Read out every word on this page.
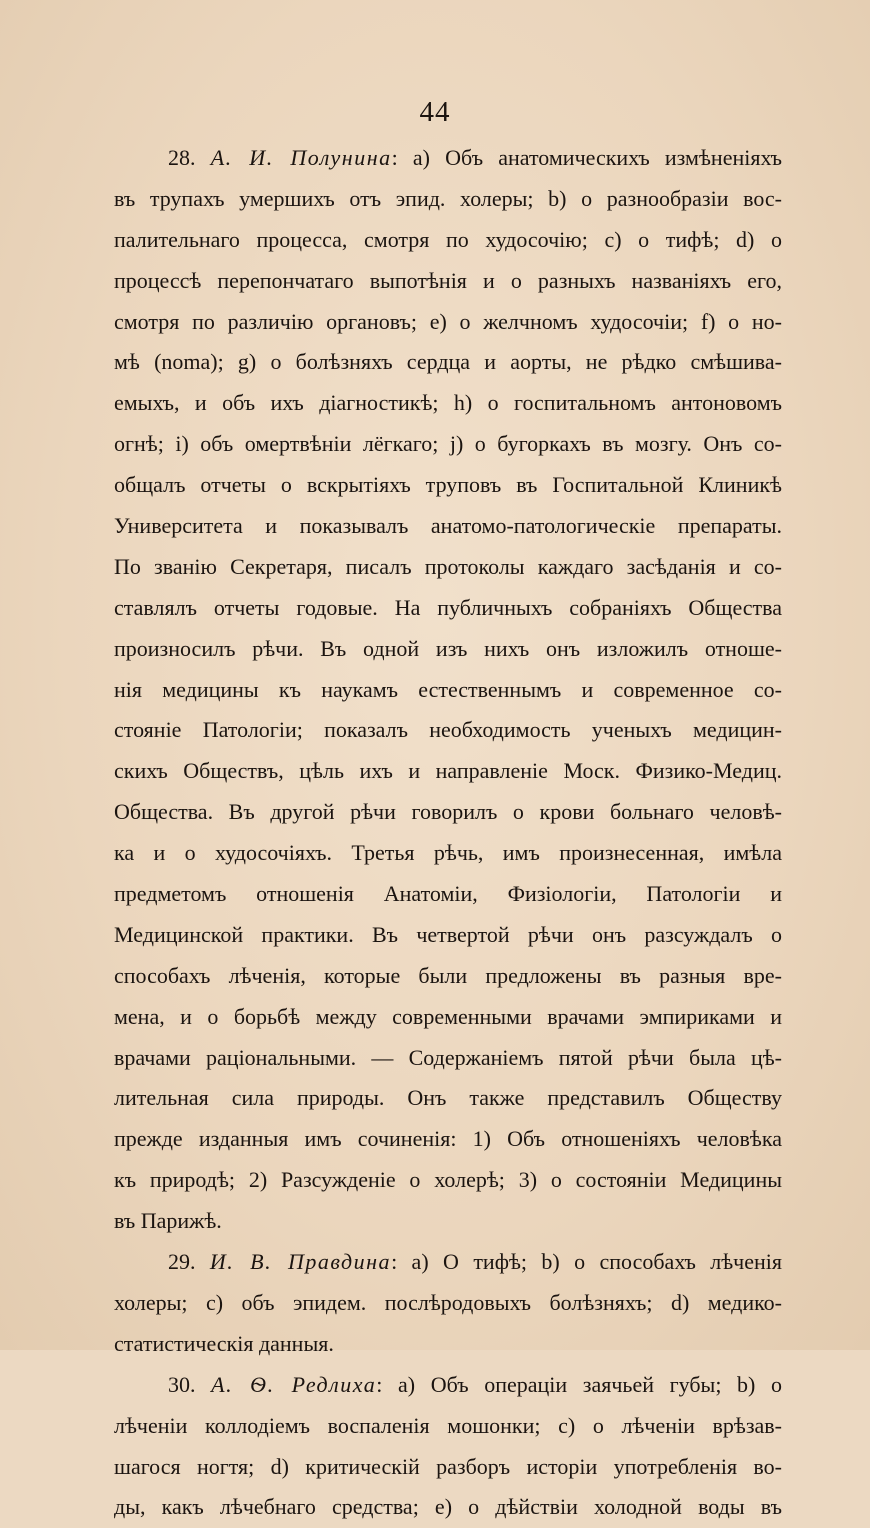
44
28. А. И. Полунина: a) Объ анатомическихъ измѣненіяхъ
въ трупахъ умершихъ отъ эпид. холеры; b) о разнообразіи вос-
палительнаго процесса, смотря по худосочію; c) о тифѣ; d) о
процессѣ перепончатаго выпотѣнія и о разныхъ названіяхъ его,
смотря по различію органовъ; e) о желчномъ худосочіи; f) о но-
мѣ (noma); g) о болѣзняхъ сердца и аорты, не рѣдко смѣшива-
емыхъ, и объ ихъ діагностикѣ; h) о госпитальномъ антоновомъ
огнѣ; i) объ омертвѣніи лёгкаго; j) о бугоркахъ въ мозгу. Онъ со-
общалъ отчеты о вскрытіяхъ труповъ въ Госпитальной Клиникѣ
Университета и показывалъ анатомо-патологическіе препараты.
По званію Секретаря, писалъ протоколы каждаго засѣданія и со-
ставлялъ отчеты годовые. На публичныхъ собраніяхъ Общества
произносилъ рѣчи. Въ одной изъ нихъ онъ изложилъ отноше-
нія медицины къ наукамъ естественнымъ и современное со-
стояніе Патологіи; показалъ необходимость ученыхъ медицин-
скихъ Обществъ, цѣль ихъ и направленіе Моск. Физико-Медиц.
Общества. Въ другой рѣчи говорилъ о крови больнаго человѣ-
ка и о худосочіяхъ. Третья рѣчь, имъ произнесенная, имѣла
предметомъ отношенія Анатоміи, Физіологіи, Патологіи и
Медицинской практики. Въ четвертой рѣчи онъ разсуждалъ о
способахъ лѣченія, которые были предложены въ разныя вре-
мена, и о борьбѣ между современными врачами эмпириками и
врачами раціональными. — Содержаніемъ пятой рѣчи была цѣ-
лительная сила природы. Онъ также представилъ Обществу
прежде изданныя имъ сочиненія: 1) Объ отношеніяхъ человѣка
къ природѣ; 2) Разсужденіе о холерѣ; 3) о состояніи Медицины
въ Парижѣ.
29. И. В. Правдина: a) О тифѣ; b) о способахъ лѣченія
холеры; c) объ эпидем. послѣродовыхъ болѣзняхъ; d) медико-
статистическія данныя.
30. А. Ѳ. Редлиха: a) Объ операціи заячьей губы; b) о
лѣченіи коллодіемъ воспаленія мошонки; c) о лѣченіи врѣзав-
шагося ногтя; d) критическій разборъ исторіи употребленія во-
ды, какъ лѣчебнаго средства; e) о дѣйствіи холодной воды въ
